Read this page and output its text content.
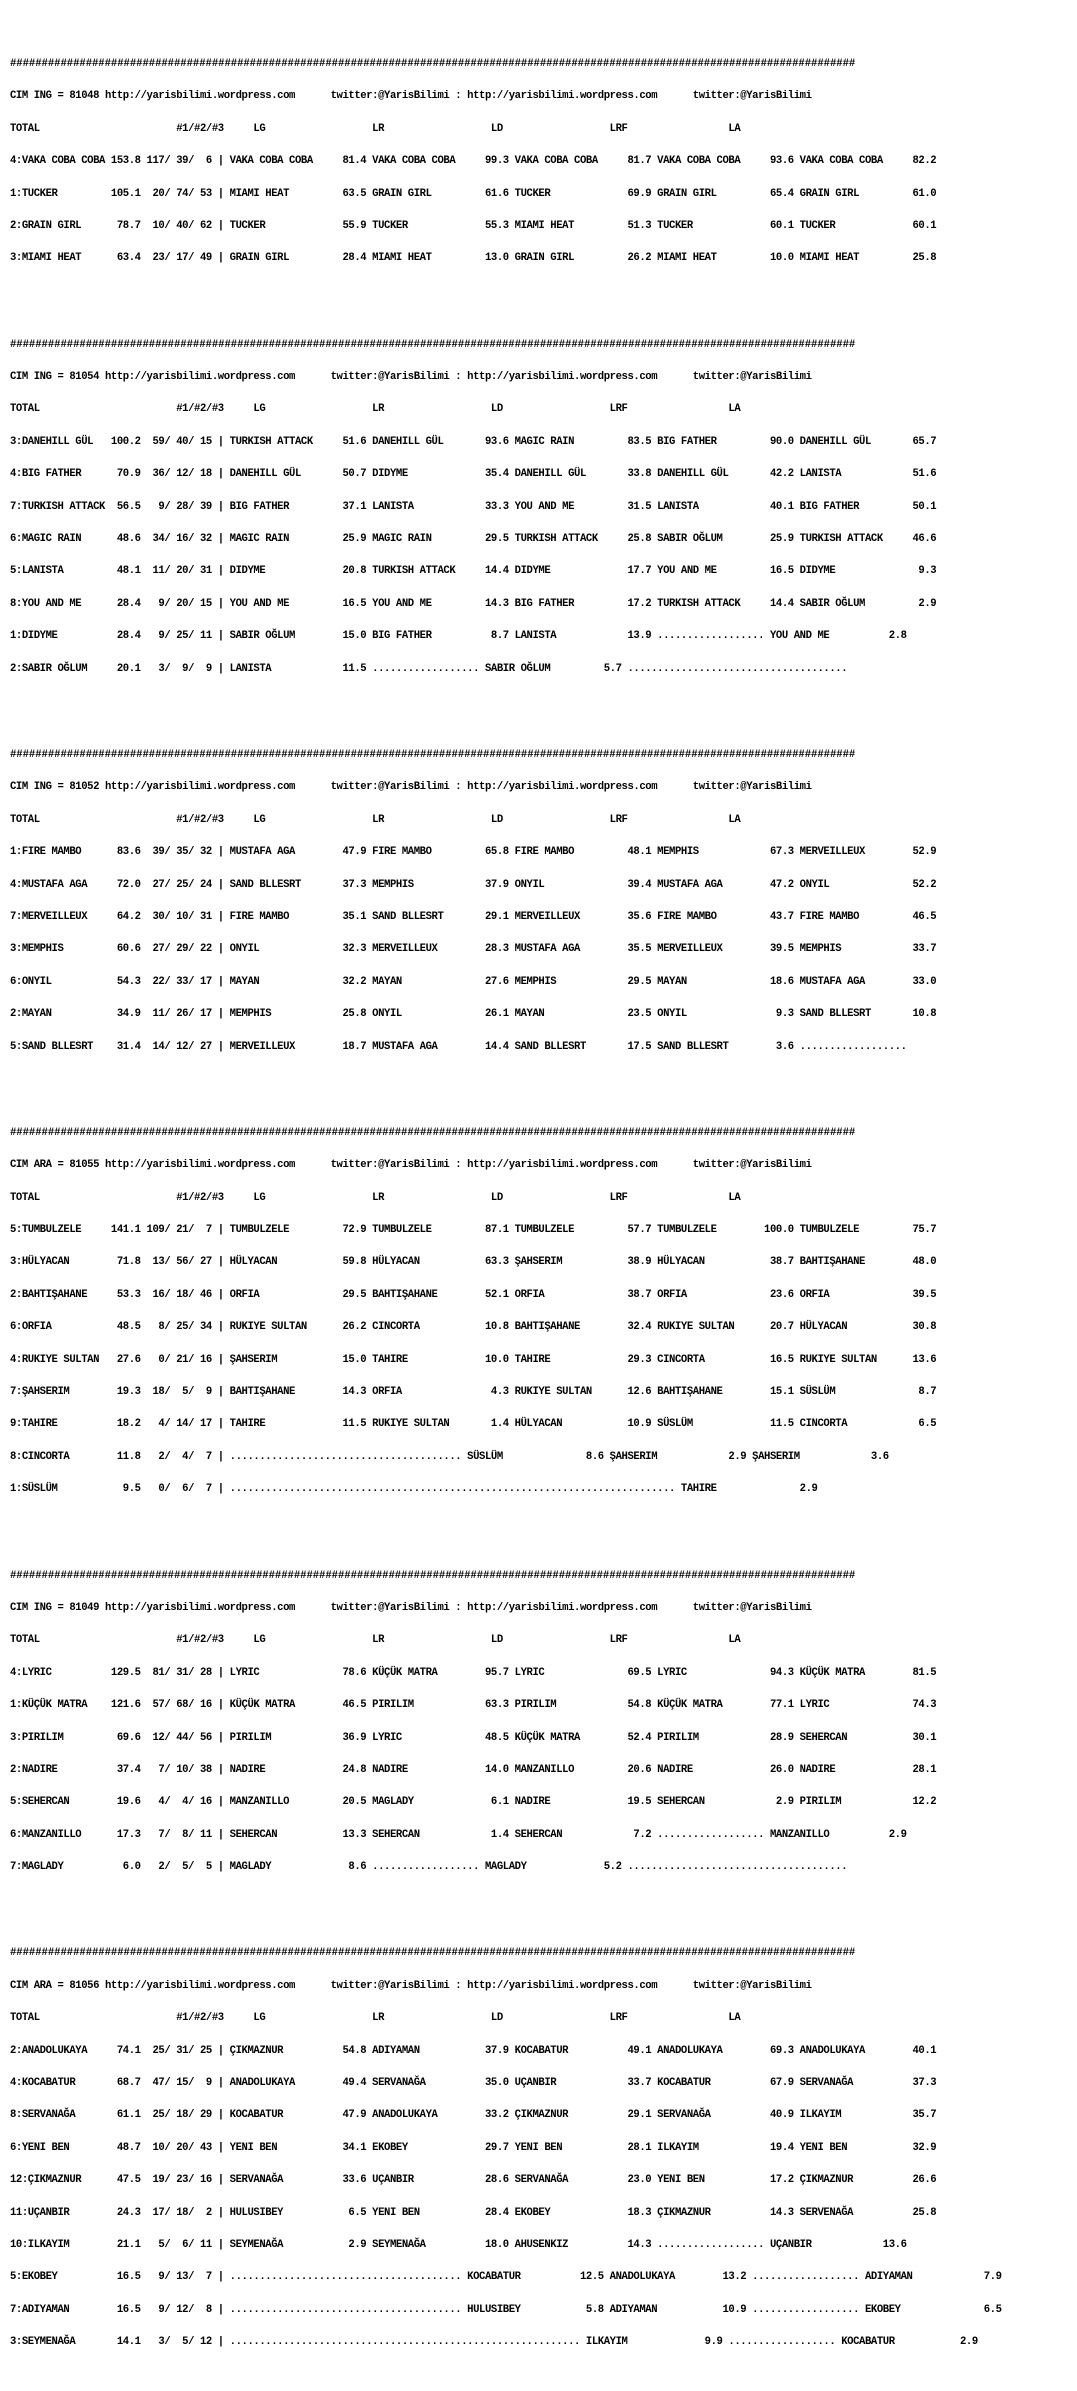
######################################################################################################################################

CIM ING = 81048 http://yarisbilimi.wordpress.com      twitter:@YarisBilimi : http://yarisbilimi.wordpress.com      twitter:@YarisBilimi

TOTAL                       #1/#2/#3     LG                  LR                  LD                  LRF                 LA

4:VAKA COBA COBA 153.8 117/ 39/  6 | VAKA COBA COBA     81.4 VAKA COBA COBA     99.3 VAKA COBA COBA     81.7 VAKA COBA COBA     93.6 VAKA COBA COBA     82.2

1:TUCKER         105.1  20/ 74/ 53 | MIAMI HEAT         63.5 GRAIN GIRL         61.6 TUCKER             69.9 GRAIN GIRL         65.4 GRAIN GIRL         61.0

2:GRAIN GIRL      78.7  10/ 40/ 62 | TUCKER             55.9 TUCKER             55.3 MIAMI HEAT         51.3 TUCKER             60.1 TUCKER             60.1

3:MIAMI HEAT      63.4  23/ 17/ 49 | GRAIN GIRL         28.4 MIAMI HEAT         13.0 GRAIN GIRL         26.2 MIAMI HEAT         10.0 MIAMI HEAT         25.8

######################################################################################################################################

CIM ING = 81054 http://yarisbilimi.wordpress.com      twitter:@YarisBilimi : http://yarisbilimi.wordpress.com      twitter:@YarisBilimi

TOTAL                       #1/#2/#3     LG                  LR                  LD                  LRF                 LA

3:DANEHILL GÜL   100.2  59/ 40/ 15 | TURKISH ATTACK     51.6 DANEHILL GÜL       93.6 MAGIC RAIN         83.5 BIG FATHER         90.0 DANEHILL GÜL       65.7

4:BIG FATHER      70.9  36/ 12/ 18 | DANEHILL GÜL       50.7 DIDYME             35.4 DANEHILL GÜL       33.8 DANEHILL GÜL       42.2 LANISTA            51.6

7:TURKISH ATTACK  56.5   9/ 28/ 39 | BIG FATHER         37.1 LANISTA            33.3 YOU AND ME         31.5 LANISTA            40.1 BIG FATHER         50.1

6:MAGIC RAIN      48.6  34/ 16/ 32 | MAGIC RAIN         25.9 MAGIC RAIN         29.5 TURKISH ATTACK     25.8 SABIR OĞLUM        25.9 TURKISH ATTACK     46.6

5:LANISTA         48.1  11/ 20/ 31 | DIDYME             20.8 TURKISH ATTACK     14.4 DIDYME             17.7 YOU AND ME         16.5 DIDYME              9.3

8:YOU AND ME      28.4   9/ 20/ 15 | YOU AND ME         16.5 YOU AND ME         14.3 BIG FATHER         17.2 TURKISH ATTACK     14.4 SABIR OĞLUM         2.9

1:DIDYME          28.4   9/ 25/ 11 | SABIR OĞLUM        15.0 BIG FATHER          8.7 LANISTA            13.9 .................. YOU AND ME          2.8

2:SABIR OĞLUM     20.1   3/  9/  9 | LANISTA            11.5 .................. SABIR OĞLUM         5.7 .....................................

######################################################################################################################################

CIM ING = 81052 http://yarisbilimi.wordpress.com      twitter:@YarisBilimi : http://yarisbilimi.wordpress.com      twitter:@YarisBilimi

TOTAL                       #1/#2/#3     LG                  LR                  LD                  LRF                 LA

1:FIRE MAMBO      83.6  39/ 35/ 32 | MUSTAFA AGA        47.9 FIRE MAMBO         65.8 FIRE MAMBO         48.1 MEMPHIS            67.3 MERVEILLEUX        52.9

4:MUSTAFA AGA     72.0  27/ 25/ 24 | SAND BLLESRT       37.3 MEMPHIS            37.9 ONYIL              39.4 MUSTAFA AGA        47.2 ONYIL              52.2

7:MERVEILLEUX     64.2  30/ 10/ 31 | FIRE MAMBO         35.1 SAND BLLESRT       29.1 MERVEILLEUX        35.6 FIRE MAMBO         43.7 FIRE MAMBO         46.5

3:MEMPHIS         60.6  27/ 29/ 22 | ONYIL              32.3 MERVEILLEUX        28.3 MUSTAFA AGA        35.5 MERVEILLEUX        39.5 MEMPHIS            33.7

6:ONYIL           54.3  22/ 33/ 17 | MAYAN              32.2 MAYAN              27.6 MEMPHIS            29.5 MAYAN              18.6 MUSTAFA AGA        33.0

2:MAYAN           34.9  11/ 26/ 17 | MEMPHIS            25.8 ONYIL              26.1 MAYAN              23.5 ONYIL               9.3 SAND BLLESRT       10.8

5:SAND BLLESRT    31.4  14/ 12/ 27 | MERVEILLEUX        18.7 MUSTAFA AGA        14.4 SAND BLLESRT       17.5 SAND BLLESRT        3.6 ..................

######################################################################################################################################

CIM ARA = 81055 http://yarisbilimi.wordpress.com      twitter:@YarisBilimi : http://yarisbilimi.wordpress.com      twitter:@YarisBilimi

TOTAL                       #1/#2/#3     LG                  LR                  LD                  LRF                 LA

5:TUMBULZELE     141.1 109/ 21/  7 | TUMBULZELE         72.9 TUMBULZELE         87.1 TUMBULZELE         57.7 TUMBULZELE        100.0 TUMBULZELE         75.7

3:HÜLYACAN        71.8  13/ 56/ 27 | HÜLYACAN           59.8 HÜLYACAN           63.3 ŞAHSERIM           38.9 HÜLYACAN           38.7 BAHTIŞAHANE        48.0

2:BAHTIŞAHANE     53.3  16/ 18/ 46 | ORFIA              29.5 BAHTIŞAHANE        52.1 ORFIA              38.7 ORFIA              23.6 ORFIA              39.5

6:ORFIA           48.5   8/ 25/ 34 | RUKIYE SULTAN      26.2 CINCORTA           10.8 BAHTIŞAHANE        32.4 RUKIYE SULTAN      20.7 HÜLYACAN           30.8

4:RUKIYE SULTAN   27.6   0/ 21/ 16 | ŞAHSERIM           15.0 TAHIRE             10.0 TAHIRE             29.3 CINCORTA           16.5 RUKIYE SULTAN      13.6

7:ŞAHSERIM        19.3  18/  5/  9 | BAHTIŞAHANE        14.3 ORFIA               4.3 RUKIYE SULTAN      12.6 BAHTIŞAHANE        15.1 SÜSLÜM              8.7

9:TAHIRE          18.2   4/ 14/ 17 | TAHIRE             11.5 RUKIYE SULTAN       1.4 HÜLYACAN           10.9 SÜSLÜM             11.5 CINCORTA            6.5

8:CINCORTA        11.8   2/  4/  7 | ....................................... SÜSLÜM              8.6 ŞAHSERIM            2.9 ŞAHSERIM            3.6

1:SÜSLÜM           9.5   0/  6/  7 | ........................................................................... TAHIRE              2.9

######################################################################################################################################

CIM ING = 81049 http://yarisbilimi.wordpress.com      twitter:@YarisBilimi : http://yarisbilimi.wordpress.com      twitter:@YarisBilimi

TOTAL                       #1/#2/#3     LG                  LR                  LD                  LRF                 LA

4:LYRIC          129.5  81/ 31/ 28 | LYRIC              78.6 KÜÇÜK MATRA        95.7 LYRIC              69.5 LYRIC              94.3 KÜÇÜK MATRA        81.5

1:KÜÇÜK MATRA    121.6  57/ 68/ 16 | KÜÇÜK MATRA        46.5 PIRILIM            63.3 PIRILIM            54.8 KÜÇÜK MATRA        77.1 LYRIC              74.3

3:PIRILIM         69.6  12/ 44/ 56 | PIRILIM            36.9 LYRIC              48.5 KÜÇÜK MATRA        52.4 PIRILIM            28.9 SEHERCAN           30.1

2:NADIRE          37.4   7/ 10/ 38 | NADIRE             24.8 NADIRE             14.0 MANZANILLO         20.6 NADIRE             26.0 NADIRE             28.1

5:SEHERCAN        19.6   4/  4/ 16 | MANZANILLO         20.5 MAGLADY             6.1 NADIRE             19.5 SEHERCAN            2.9 PIRILIM            12.2

6:MANZANILLO      17.3   7/  8/ 11 | SEHERCAN           13.3 SEHERCAN            1.4 SEHERCAN            7.2 .................. MANZANILLO          2.9

7:MAGLADY          6.0   2/  5/  5 | MAGLADY             8.6 .................. MAGLADY             5.2 .....................................

######################################################################################################################################

CIM ARA = 81056 http://yarisbilimi.wordpress.com      twitter:@YarisBilimi : http://yarisbilimi.wordpress.com      twitter:@YarisBilimi

TOTAL                       #1/#2/#3     LG                  LR                  LD                  LRF                 LA

2:ANADOLUKAYA     74.1  25/ 31/ 25 | ÇIKMAZNUR          54.8 ADIYAMAN           37.9 KOCABATUR          49.1 ANADOLUKAYA        69.3 ANADOLUKAYA        40.1

4:KOCABATUR       68.7  47/ 15/  9 | ANADOLUKAYA        49.4 SERVANAĞA          35.0 UÇANBIR            33.7 KOCABATUR          67.9 SERVANAĞA          37.3

8:SERVANAĞA       61.1  25/ 18/ 29 | KOCABATUR          47.9 ANADOLUKAYA        33.2 ÇIKMAZNUR          29.1 SERVANAĞA          40.9 ILKAYIM            35.7

6:YENI BEN        48.7  10/ 20/ 43 | YENI BEN           34.1 EKOBEY             29.7 YENI BEN           28.1 ILKAYIM            19.4 YENI BEN           32.9

12:ÇIKMAZNUR      47.5  19/ 23/ 16 | SERVANAĞA          33.6 UÇANBIR            28.6 SERVANAĞA          23.0 YENI BEN           17.2 ÇIKMAZNUR          26.6

11:UÇANBIR        24.3  17/ 18/  2 | HULUSIBEY           6.5 YENI BEN           28.4 EKOBEY             18.3 ÇIKMAZNUR          14.3 SERVENAĞA          25.8

10:ILKAYIM        21.1   5/  6/ 11 | SEYMENAĞA           2.9 SEYMENAĞA          18.0 AHUSENKIZ          14.3 .................. UÇANBIR            13.6

5:EKOBEY          16.5   9/ 13/  7 | ....................................... KOCABATUR          12.5 ANADOLUKAYA        13.2 .................. ADIYAMAN            7.9

7:ADIYAMAN        16.5   9/ 12/  8 | ....................................... HULUSIBEY           5.8 ADIYAMAN           10.9 .................. EKOBEY              6.5

3:SEYMENAĞA       14.1   3/  5/ 12 | ........................................................... ILKAYIM             9.9 .................. KOCABATUR           2.9
